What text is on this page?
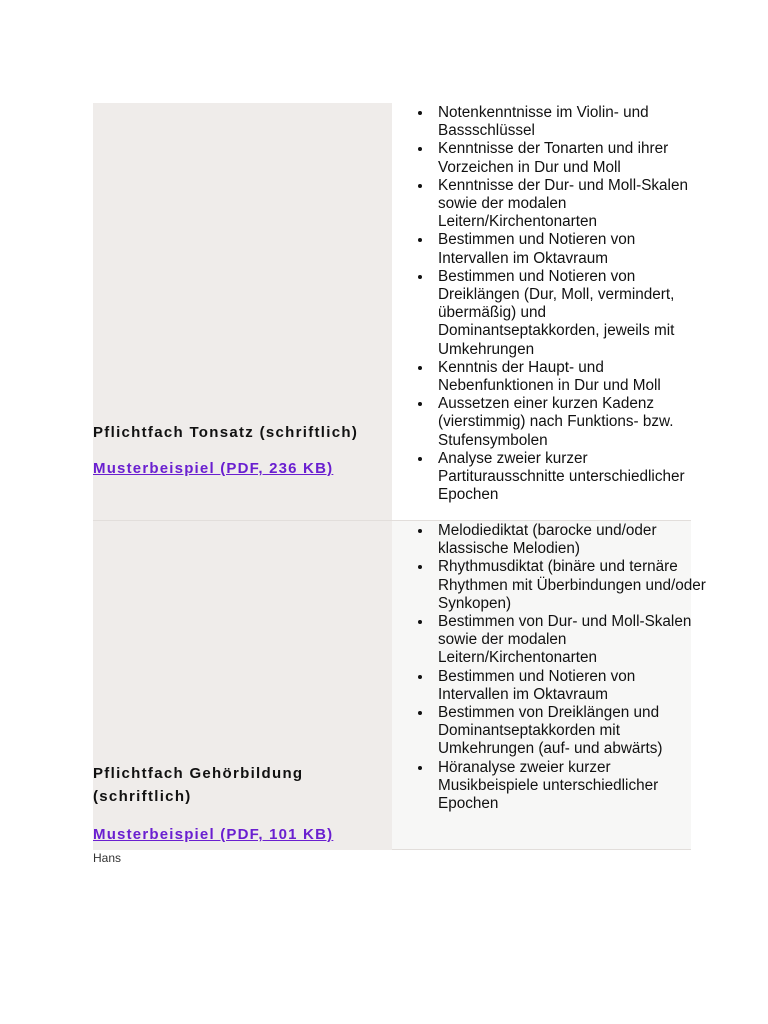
Pflichtfach Tonsatz (schriftlich)
Musterbeispiel (PDF, 236 KB)
Notenkenntnisse im Violin- und Bassschlüssel
Kenntnisse der Tonarten und ihrer Vorzeichen in Dur und Moll
Kenntnisse der Dur- und Moll-Skalen sowie der modalen Leitern/Kirchentonarten
Bestimmen und Notieren von Intervallen im Oktavraum
Bestimmen und Notieren von Dreiklängen (Dur, Moll, vermindert, übermäßig) und Dominantseptakkorden, jeweils mit Umkehrungen
Kenntnis der Haupt- und Nebenfunktionen in Dur und Moll
Aussetzen einer kurzen Kadenz (vierstimmig) nach Funktions- bzw. Stufensymbolen
Analyse zweier kurzer Partiturausschnitte unterschiedlicher Epochen
Pflichtfach Gehörbildung
(schriftlich)
Musterbeispiel (PDF, 101 KB)
Melodiediktat (barocke und/oder klassische Melodien)
Rhythmusdiktat (binäre und ternäre Rhythmen mit Überbindungen und/oder Synkopen)
Bestimmen von Dur- und Moll-Skalen sowie der modalen Leitern/Kirchentonarten
Bestimmen und Notieren von Intervallen im Oktavraum
Bestimmen von Dreiklängen und Dominantseptakkorden mit Umkehrungen (auf- und abwärts)
Höranalyse zweier kurzer Musikbeispiele unterschiedlicher Epochen
Hans
